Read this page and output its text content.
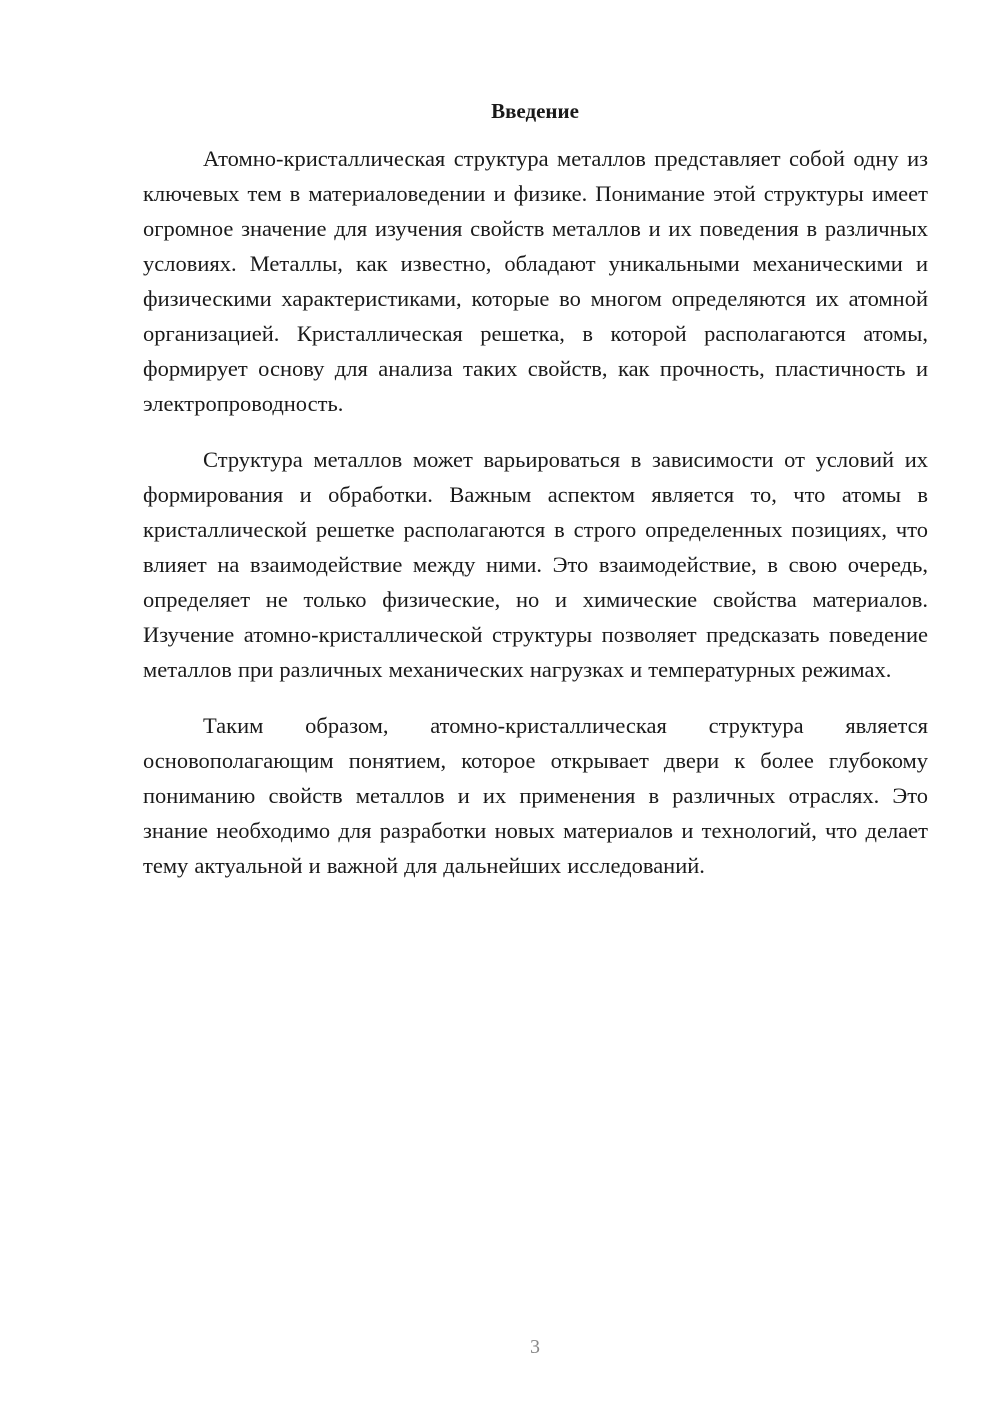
Введение

Атомно-кристаллическая структура металлов представляет собой одну из ключевых тем в материаловедении и физике. Понимание этой структуры имеет огромное значение для изучения свойств металлов и их поведения в различных условиях. Металлы, как известно, обладают уникальными механическими и физическими характеристиками, которые во многом определяются их атомной организацией. Кристаллическая решетка, в которой располагаются атомы, формирует основу для анализа таких свойств, как прочность, пластичность и электропроводность.

Структура металлов может варьироваться в зависимости от условий их формирования и обработки. Важным аспектом является то, что атомы в кристаллической решетке располагаются в строго определенных позициях, что влияет на взаимодействие между ними. Это взаимодействие, в свою очередь, определяет не только физические, но и химические свойства материалов. Изучение атомно-кристаллической структуры позволяет предсказать поведение металлов при различных механических нагрузках и температурных режимах.

Таким образом, атомно-кристаллическая структура является основополагающим понятием, которое открывает двери к более глубокому пониманию свойств металлов и их применения в различных отраслях. Это знание необходимо для разработки новых материалов и технологий, что делает тему актуальной и важной для дальнейших исследований.

3
